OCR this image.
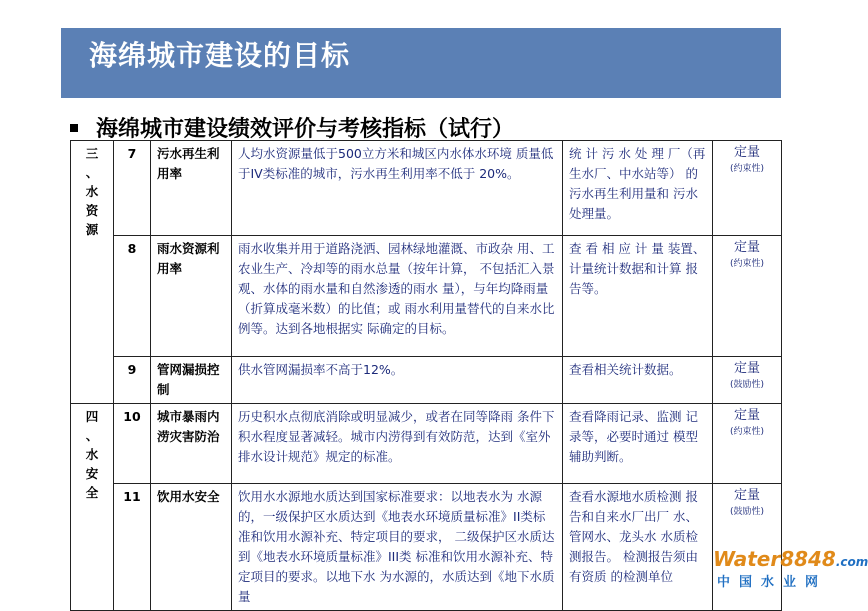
海绵城市建设的目标
海绵城市建设绩效评价与考核指标（试行）
三
、
水
资
源	7	污水再生利用率	人均水资源量低于500立方米和城区内水体水环境 质量低于IV类标准的城市，污水再生利用率不低于 20%。	统 计 污 水 处 理 厂（再 生水厂、中水站等） 的污水再生利用量和 污水处理量。	定量
(约束性)

	8	雨水资源利用率	雨水收集并用于道路浇洒、园林绿地灌溉、市政杂 用、工农业生产、冷却等的雨水总量（按年计算， 不包括汇入景观、水体的雨水量和自然渗透的雨水 量），与年均降雨量（折算成毫米数）的比值；或 雨水利用量替代的自来水比例等。达到各地根据实 际确定的目标。	查 看 相 应 计 量 装置、 计量统计数据和计算 报告等。	定量
(约束性)

	9	管网漏损控制	供水管网漏损率不高于12%。	查看相关统计数据。	定量
(鼓励性)

四
、
水
安
全	10	城市暴雨内涝灾害防治	历史积水点彻底消除或明显减少，或者在同等降雨 条件下积水程度显著减轻。城市内涝得到有效防范，达到《室外排水设计规范》规定的标准。	查看降雨记录、监测 记录等，必要时通过 模型辅助判断。	定量
(约束性)

	11	饮用水安全	饮用水水源地水质达到国家标准要求：以地表水为 水源的，一级保护区水质达到《地表水环境质量标准》II类标准和饮用水源补充、特定项目的要求， 二级保护区水质达到《地表水环境质量标准》III类 标准和饮用水源补充、特定项目的要求。以地下水 为水源的，水质达到《地下水质量	查看水源地水质检测 报告和自来水厂出厂 水、管网水、龙头水 水质检测报告。 检测报告须由有资质 的检测单位	定量
(鼓励性)
Water8848.com
中国水业网
